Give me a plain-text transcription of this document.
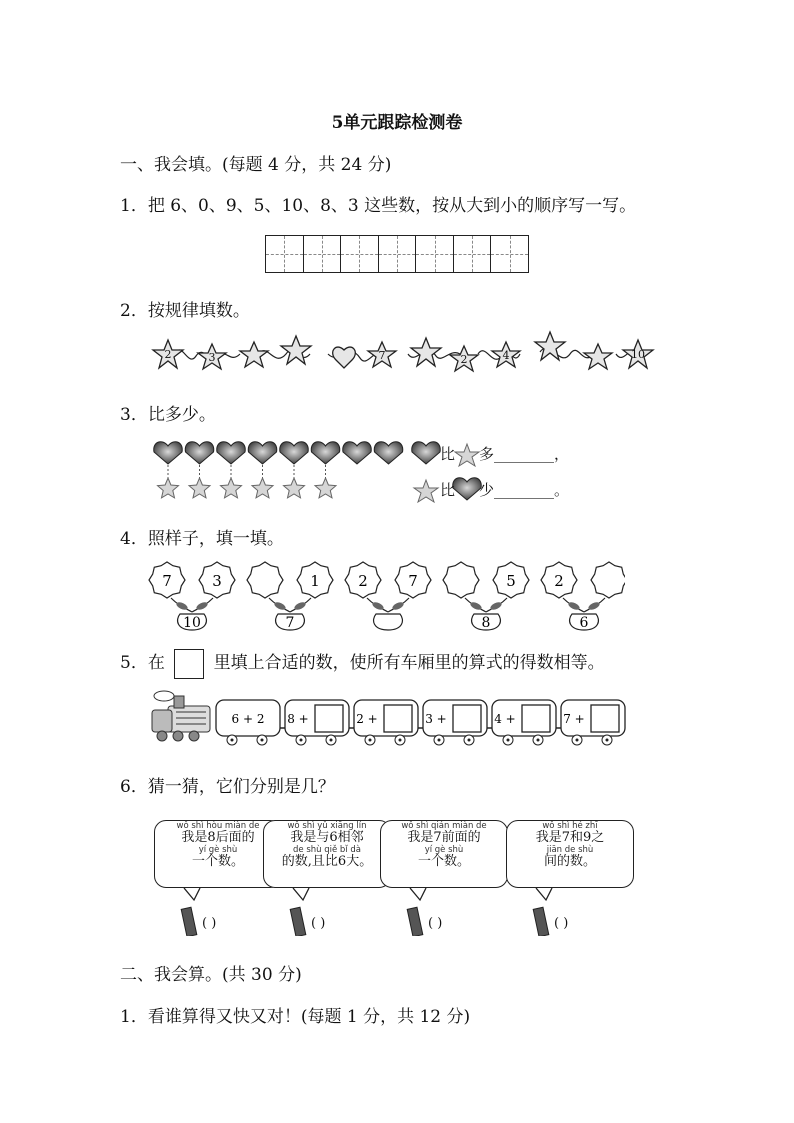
5单元跟踪检测卷
一、我会填。(每题 4 分，共 24 分)
1．把 6、0、9、5、10、8、3 这些数，按从大到小的顺序写一写。
2．按规律填数。
2	3	7	2	4	10
3．比多少。
比 多________，
比 少________。
4．照样子，填一填。
7	3
10
1
7
2	7	5
8
2
6
5．在	里填上合适的数，使所有车厢里的算式的得数相等。
6 + 2 8 +	2 +	3 +	4 +	7 +
6．猜一猜，它们分别是几？
wǒ shì hòu miàn de
我是8后面的
yí gè shù
一个数。
( )
wǒ shì yǔ xiāng lín
我是与6相邻
de shù qiě bǐ dà
的数,且比6大。
( )
wǒ shì qián miàn de
我是7前面的
yí gè shù
一个数。
( )
wǒ shì hé zhī
我是7和9之
jiān de shù
间的数。
( )
二、我会算。(共 30 分)
1．看谁算得又快又对！(每题 1 分，共 12 分)
